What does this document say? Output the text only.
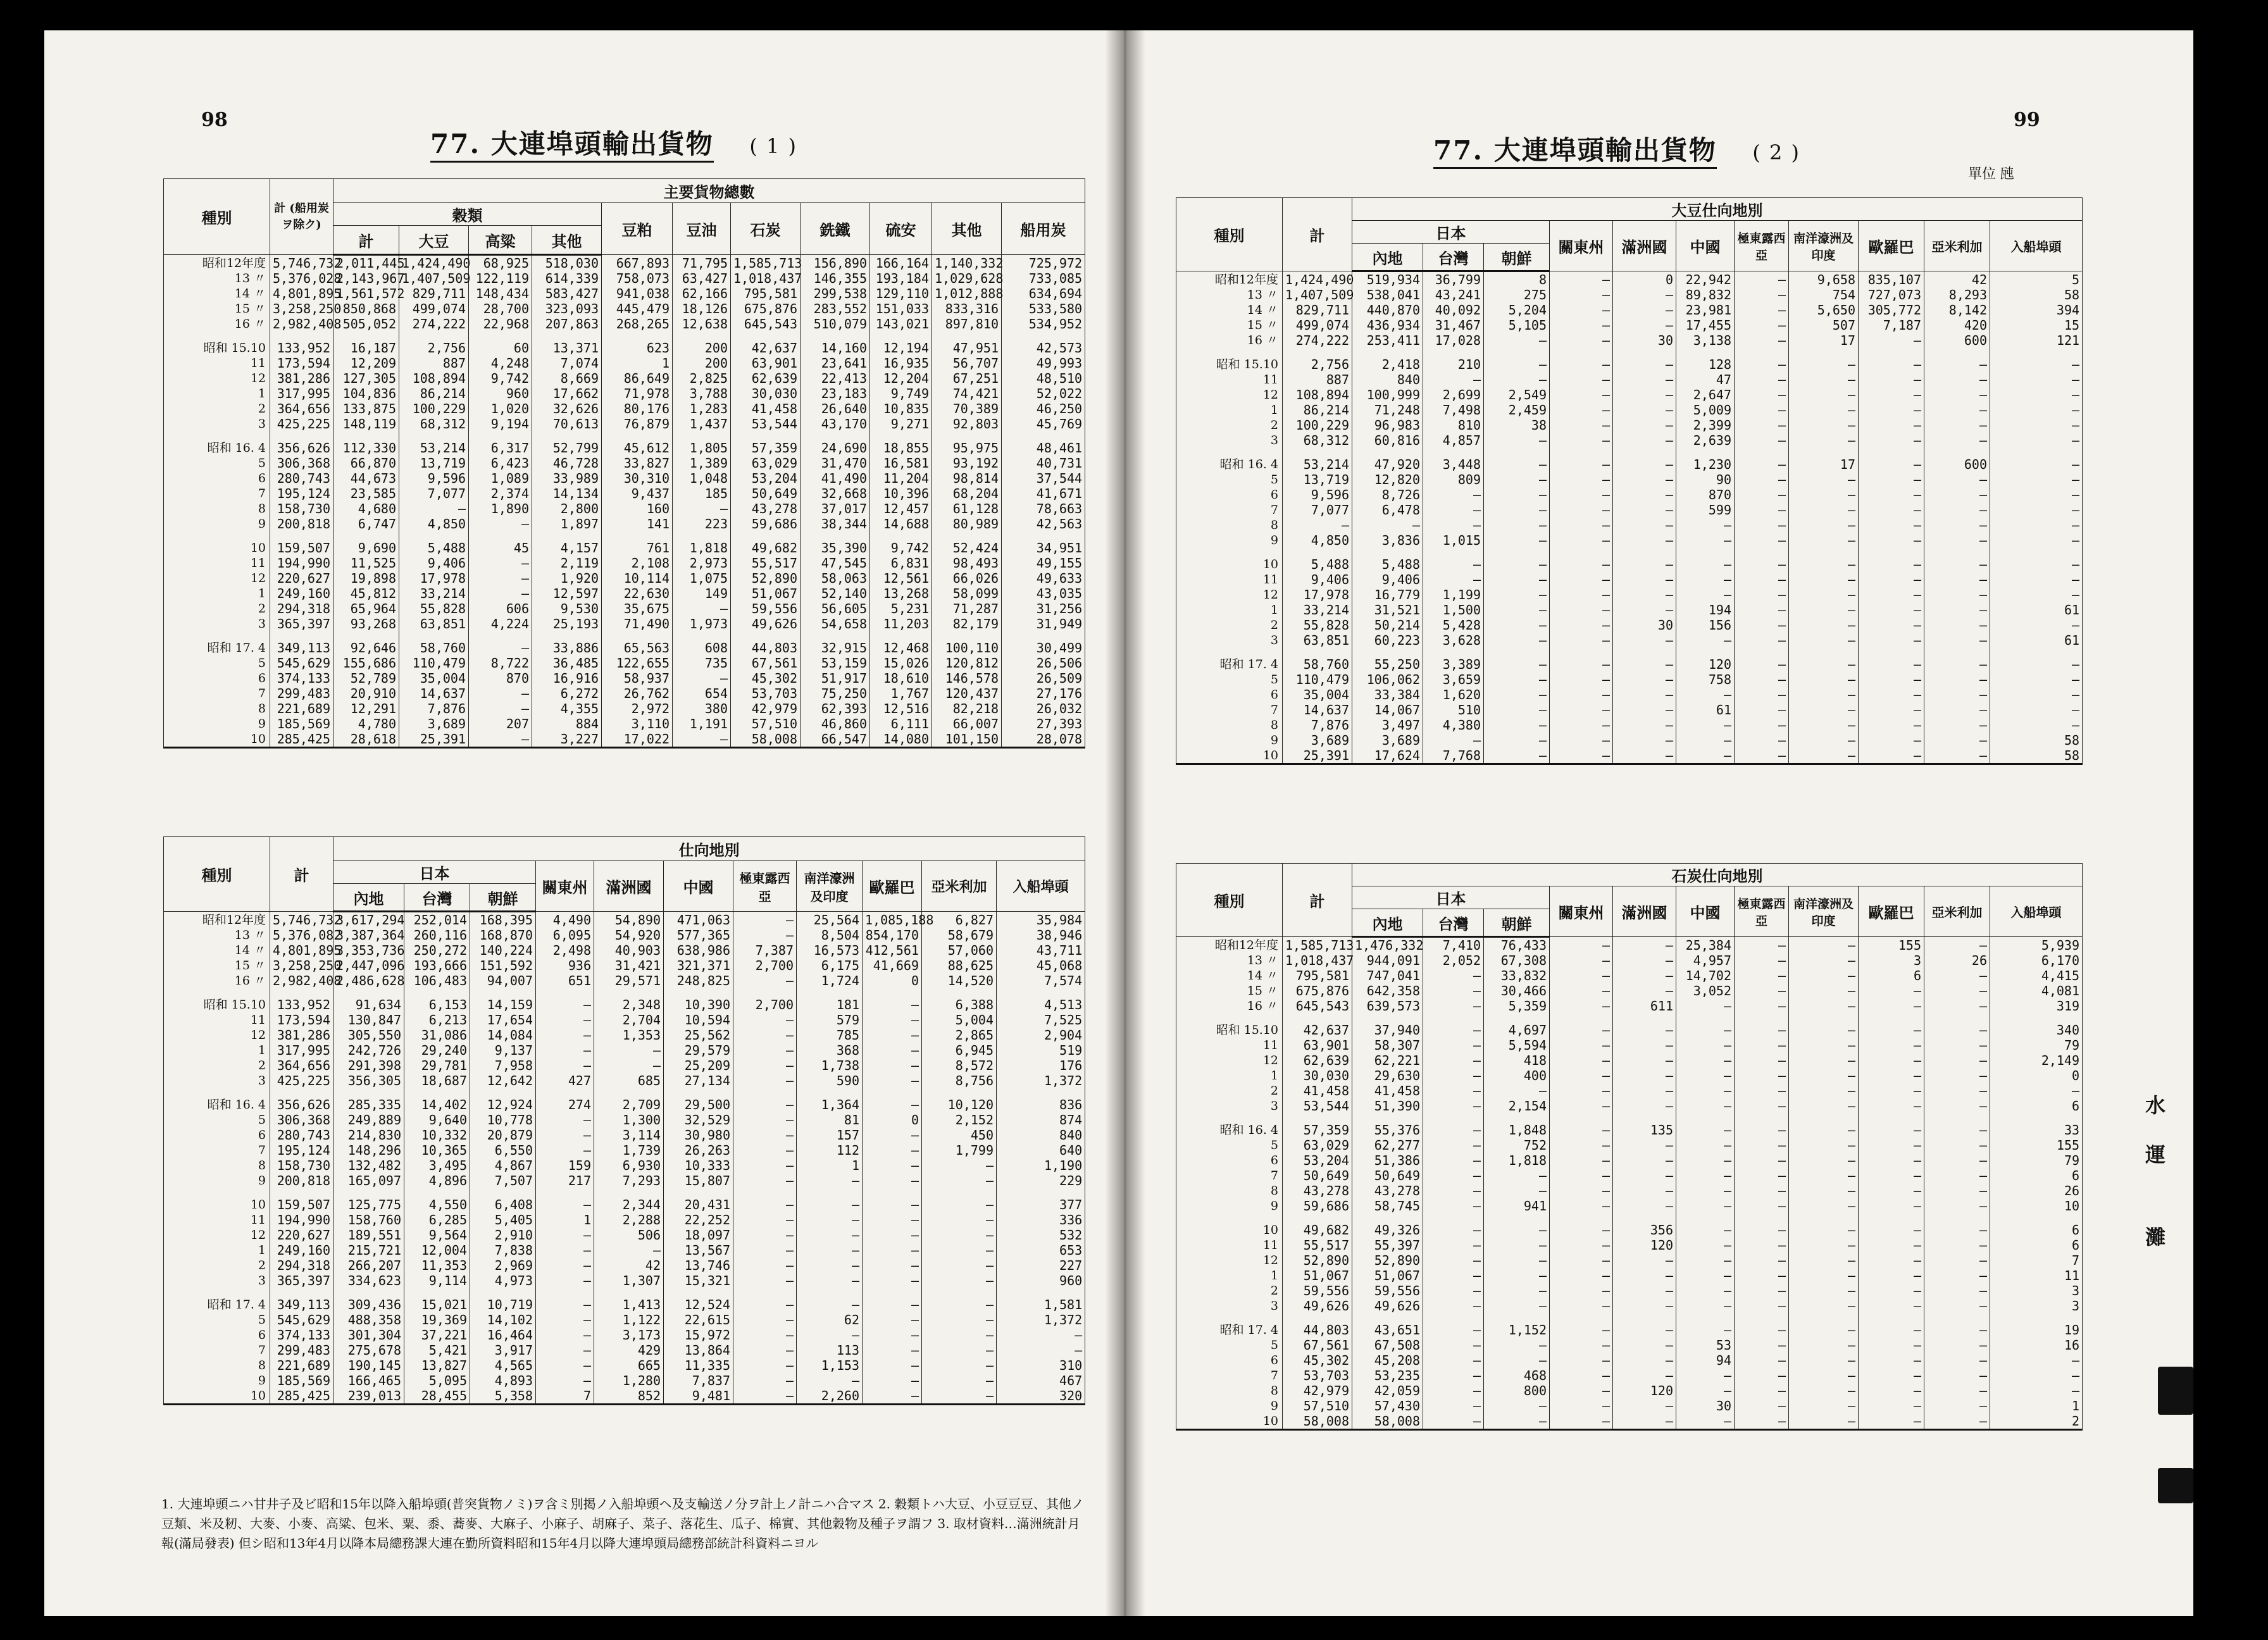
98
77. 大連埠頭輸出貨物 ( 1 )
種別	計 (船用炭ヲ除ク)	主要貨物總數										
		穀類				豆粕	豆油	石炭	銑鐵	硫安	其他	船用炭
		計	大豆	高粱	其他							
昭和12年度	5,746,732	2,011,445	1,424,490	68,925	518,030	667,893	71,795	1,585,713	156,890	166,164	1,140,332	725,972
13 〃	5,376,028	2,143,967	1,407,509	122,119	614,339	758,073	63,427	1,018,437	146,355	193,184	1,029,628	733,085
14 〃	4,801,895	1,561,572	829,711	148,434	583,427	941,038	62,166	795,581	299,538	129,110	1,012,888	634,694
15 〃	3,258,250	850,868	499,074	28,700	323,093	445,479	18,126	675,876	283,552	151,033	833,316	533,580
16 〃	2,982,408	505,052	274,222	22,968	207,863	268,265	12,638	645,543	510,079	143,021	897,810	534,952

昭和 15.10	133,952	16,187	2,756	60	13,371	623	200	42,637	14,160	12,194	47,951	42,573
11	173,594	12,209	887	4,248	7,074	1	200	63,901	23,641	16,935	56,707	49,993
12	381,286	127,305	108,894	9,742	8,669	86,649	2,825	62,639	22,413	12,204	67,251	48,510
1	317,995	104,836	86,214	960	17,662	71,978	3,788	30,030	23,183	9,749	74,421	52,022
2	364,656	133,875	100,229	1,020	32,626	80,176	1,283	41,458	26,640	10,835	70,389	46,250
3	425,225	148,119	68,312	9,194	70,613	76,879	1,437	53,544	43,170	9,271	92,803	45,769

昭和 16. 4	356,626	112,330	53,214	6,317	52,799	45,612	1,805	57,359	24,690	18,855	95,975	48,461
5	306,368	66,870	13,719	6,423	46,728	33,827	1,389	63,029	31,470	16,581	93,192	40,731
6	280,743	44,673	9,596	1,089	33,989	30,310	1,048	53,204	41,490	11,204	98,814	37,544
7	195,124	23,585	7,077	2,374	14,134	9,437	185	50,649	32,668	10,396	68,204	41,671
8	158,730	4,680	—	1,890	2,800	160	—	43,278	37,017	12,457	61,128	78,663
9	200,818	6,747	4,850	—	1,897	141	223	59,686	38,344	14,688	80,989	42,563

10	159,507	9,690	5,488	45	4,157	761	1,818	49,682	35,390	9,742	52,424	34,951
11	194,990	11,525	9,406	—	2,119	2,108	2,973	55,517	47,545	6,831	98,493	49,155
12	220,627	19,898	17,978	—	1,920	10,114	1,075	52,890	58,063	12,561	66,026	49,633
1	249,160	45,812	33,214	—	12,597	22,630	149	51,067	52,140	13,268	58,099	43,035
2	294,318	65,964	55,828	606	9,530	35,675	—	59,556	56,605	5,231	71,287	31,256
3	365,397	93,268	63,851	4,224	25,193	71,490	1,973	49,626	54,658	11,203	82,179	31,949

昭和 17. 4	349,113	92,646	58,760	—	33,886	65,563	608	44,803	32,915	12,468	100,110	30,499
5	545,629	155,686	110,479	8,722	36,485	122,655	735	67,561	53,159	15,026	120,812	26,506
6	374,133	52,789	35,004	870	16,916	58,937	—	45,302	51,917	18,610	146,578	26,509
7	299,483	20,910	14,637	—	6,272	26,762	654	53,703	75,250	1,767	120,437	27,176
8	221,689	12,291	7,876	—	4,355	2,972	380	42,979	62,393	12,516	82,218	26,032
9	185,569	4,780	3,689	207	884	3,110	1,191	57,510	46,860	6,111	66,007	27,393
10	285,425	28,618	25,391	—	3,227	17,022	—	58,008	66,547	14,080	101,150	28,078
種別	計	仕向地別										
		日本			關東州	滿洲國	中國	極東露西亞	南洋濠洲及印度	歐羅巴	亞米利加	入船埠頭
		內地	台灣	朝鮮								
昭和12年度	5,746,732	3,617,294	252,014	168,395	4,490	54,890	471,063	—	25,564	1,085,188	6,827	35,984
13 〃	5,376,082	3,387,364	260,116	168,870	6,095	54,920	577,365	—	8,504	854,170	58,679	38,946
14 〃	4,801,895	3,353,736	250,272	140,224	2,498	40,903	638,986	7,387	16,573	412,561	57,060	43,711
15 〃	3,258,250	2,447,096	193,666	151,592	936	31,421	321,371	2,700	6,175	41,669	88,625	45,068
16 〃	2,982,408	2,486,628	106,483	94,007	651	29,571	248,825	—	1,724	0	14,520	7,574

昭和 15.10	133,952	91,634	6,153	14,159	—	2,348	10,390	2,700	181	—	6,388	4,513
11	173,594	130,847	6,213	17,654	—	2,704	10,594	—	579	—	5,004	7,525
12	381,286	305,550	31,086	14,084	—	1,353	25,562	—	785	—	2,865	2,904
1	317,995	242,726	29,240	9,137	—	—	29,579	—	368	—	6,945	519
2	364,656	291,398	29,781	7,958	—	—	25,209	—	1,738	—	8,572	176
3	425,225	356,305	18,687	12,642	427	685	27,134	—	590	—	8,756	1,372

昭和 16. 4	356,626	285,335	14,402	12,924	274	2,709	29,500	—	1,364	—	10,120	836
5	306,368	249,889	9,640	10,778	—	1,300	32,529	—	81	0	2,152	874
6	280,743	214,830	10,332	20,879	—	3,114	30,980	—	157	—	450	840
7	195,124	148,296	10,365	6,550	—	1,739	26,263	—	112	—	1,799	640
8	158,730	132,482	3,495	4,867	159	6,930	10,333	—	1	—	—	1,190
9	200,818	165,097	4,896	7,507	217	7,293	15,807	—	—	—	—	229

10	159,507	125,775	4,550	6,408	—	2,344	20,431	—	—	—	—	377
11	194,990	158,760	6,285	5,405	1	2,288	22,252	—	—	—	—	336
12	220,627	189,551	9,564	2,910	—	506	18,097	—	—	—	—	532
1	249,160	215,721	12,004	7,838	—	—	13,567	—	—	—	—	653
2	294,318	266,207	11,353	2,969	—	42	13,746	—	—	—	—	227
3	365,397	334,623	9,114	4,973	—	1,307	15,321	—	—	—	—	960

昭和 17. 4	349,113	309,436	15,021	10,719	—	1,413	12,524	—	—	—	—	1,581
5	545,629	488,358	19,369	14,102	—	1,122	22,615	—	62	—	—	1,372
6	374,133	301,304	37,221	16,464	—	3,173	15,972	—	—	—	—	—
7	299,483	275,678	5,421	3,917	—	429	13,864	—	113	—	—	—
8	221,689	190,145	13,827	4,565	—	665	11,335	—	1,153	—	—	310
9	185,569	166,465	5,095	4,893	—	1,280	7,837	—	—	—	—	467
10	285,425	239,013	28,455	5,358	7	852	9,481	—	2,260	—	—	320
1. 大連埠頭ニハ甘井子及ビ昭和15年以降入船埠頭(普突貨物ノミ)ヲ含ミ別掲ノ入船埠頭ヘ及支輸送ノ分ヲ計上ノ計ニハ合マス 2. 穀類トハ大豆、小豆豆豆、其他ノ豆類、米及籾、大麥、小麥、高粱、包米、粟、黍、蕎麥、大麻子、小麻子、胡麻子、菜子、落花生、瓜子、棉實、其他穀物及種子ヲ謂フ 3. 取材資料…滿洲統計月報(滿局發表) 但シ昭和13年4月以降本局總務課大連在勤所資料昭和15年4月以降大連埠頭局總務部統計科資料ニヨル
99
77. 大連埠頭輸出貨物 ( 2 )
單位 瓲
種別	計	大豆仕向地別										
		日本			關東州	滿洲國	中國	極東露西亞	南洋濠洲及印度	歐羅巴	亞米利加	入船埠頭
		內地	台灣	朝鮮								
昭和12年度	1,424,490	519,934	36,799	8	—	0	22,942	—	9,658	835,107	42	5
13 〃	1,407,509	538,041	43,241	275	—	—	89,832	—	754	727,073	8,293	58
14 〃	829,711	440,870	40,092	5,204	—	—	23,981	—	5,650	305,772	8,142	394
15 〃	499,074	436,934	31,467	5,105	—	—	17,455	—	507	7,187	420	15
16 〃	274,222	253,411	17,028	—	—	30	3,138	—	17	—	600	121

昭和 15.10	2,756	2,418	210	—	—	—	128	—	—	—	—	—
11	887	840	—	—	—	—	47	—	—	—	—	—
12	108,894	100,999	2,699	2,549	—	—	2,647	—	—	—	—	—
1	86,214	71,248	7,498	2,459	—	—	5,009	—	—	—	—	—
2	100,229	96,983	810	38	—	—	2,399	—	—	—	—	—
3	68,312	60,816	4,857	—	—	—	2,639	—	—	—	—	—

昭和 16. 4	53,214	47,920	3,448	—	—	—	1,230	—	17	—	600	—
5	13,719	12,820	809	—	—	—	90	—	—	—	—	—
6	9,596	8,726	—	—	—	—	870	—	—	—	—	—
7	7,077	6,478	—	—	—	—	599	—	—	—	—	—
8	—	—	—	—	—	—	—	—	—	—	—	—
9	4,850	3,836	1,015	—	—	—	—	—	—	—	—	—

10	5,488	5,488	—	—	—	—	—	—	—	—	—	—
11	9,406	9,406	—	—	—	—	—	—	—	—	—	—
12	17,978	16,779	1,199	—	—	—	—	—	—	—	—	—
1	33,214	31,521	1,500	—	—	—	194	—	—	—	—	61
2	55,828	50,214	5,428	—	—	30	156	—	—	—	—	—
3	63,851	60,223	3,628	—	—	—	—	—	—	—	—	61

昭和 17. 4	58,760	55,250	3,389	—	—	—	120	—	—	—	—	—
5	110,479	106,062	3,659	—	—	—	758	—	—	—	—	—
6	35,004	33,384	1,620	—	—	—	—	—	—	—	—	—
7	14,637	14,067	510	—	—	—	61	—	—	—	—	—
8	7,876	3,497	4,380	—	—	—	—	—	—	—	—	—
9	3,689	3,689	—	—	—	—	—	—	—	—	—	58
10	25,391	17,624	7,768	—	—	—	—	—	—	—	—	58
種別	計	石炭仕向地別										
		日本			關東州	滿洲國	中國	極東露西亞	南洋濠洲及印度	歐羅巴	亞米利加	入船埠頭
		內地	台灣	朝鮮								
昭和12年度	1,585,713	1,476,332	7,410	76,433	—	—	25,384	—	—	155	—	5,939
13 〃	1,018,437	944,091	2,052	67,308	—	—	4,957	—	—	3	26	6,170
14 〃	795,581	747,041	—	33,832	—	—	14,702	—	—	6	—	4,415
15 〃	675,876	642,358	—	30,466	—	—	3,052	—	—	—	—	4,081
16 〃	645,543	639,573	—	5,359	—	611	—	—	—	—	—	319

昭和 15.10	42,637	37,940	—	4,697	—	—	—	—	—	—	—	340
11	63,901	58,307	—	5,594	—	—	—	—	—	—	—	79
12	62,639	62,221	—	418	—	—	—	—	—	—	—	2,149
1	30,030	29,630	—	400	—	—	—	—	—	—	—	0
2	41,458	41,458	—	—	—	—	—	—	—	—	—	—
3	53,544	51,390	—	2,154	—	—	—	—	—	—	—	6

昭和 16. 4	57,359	55,376	—	1,848	—	135	—	—	—	—	—	33
5	63,029	62,277	—	752	—	—	—	—	—	—	—	155
6	53,204	51,386	—	1,818	—	—	—	—	—	—	—	79
7	50,649	50,649	—	—	—	—	—	—	—	—	—	6
8	43,278	43,278	—	—	—	—	—	—	—	—	—	26
9	59,686	58,745	—	941	—	—	—	—	—	—	—	10

10	49,682	49,326	—	—	—	356	—	—	—	—	—	6
11	55,517	55,397	—	—	—	120	—	—	—	—	—	6
12	52,890	52,890	—	—	—	—	—	—	—	—	—	7
1	51,067	51,067	—	—	—	—	—	—	—	—	—	11
2	59,556	59,556	—	—	—	—	—	—	—	—	—	3
3	49,626	49,626	—	—	—	—	—	—	—	—	—	3

昭和 17. 4	44,803	43,651	—	1,152	—	—	—	—	—	—	—	19
5	67,561	67,508	—	—	—	—	53	—	—	—	—	16
6	45,302	45,208	—	—	—	—	94	—	—	—	—	—
7	53,703	53,235	—	468	—	—	—	—	—	—	—	—
8	42,979	42,059	—	800	—	120	—	—	—	—	—	—
9	57,510	57,430	—	—	—	—	30	—	—	—	—	1
10	58,008	58,008	—	—	—	—	—	—	—	—	—	2
水
運
灘
